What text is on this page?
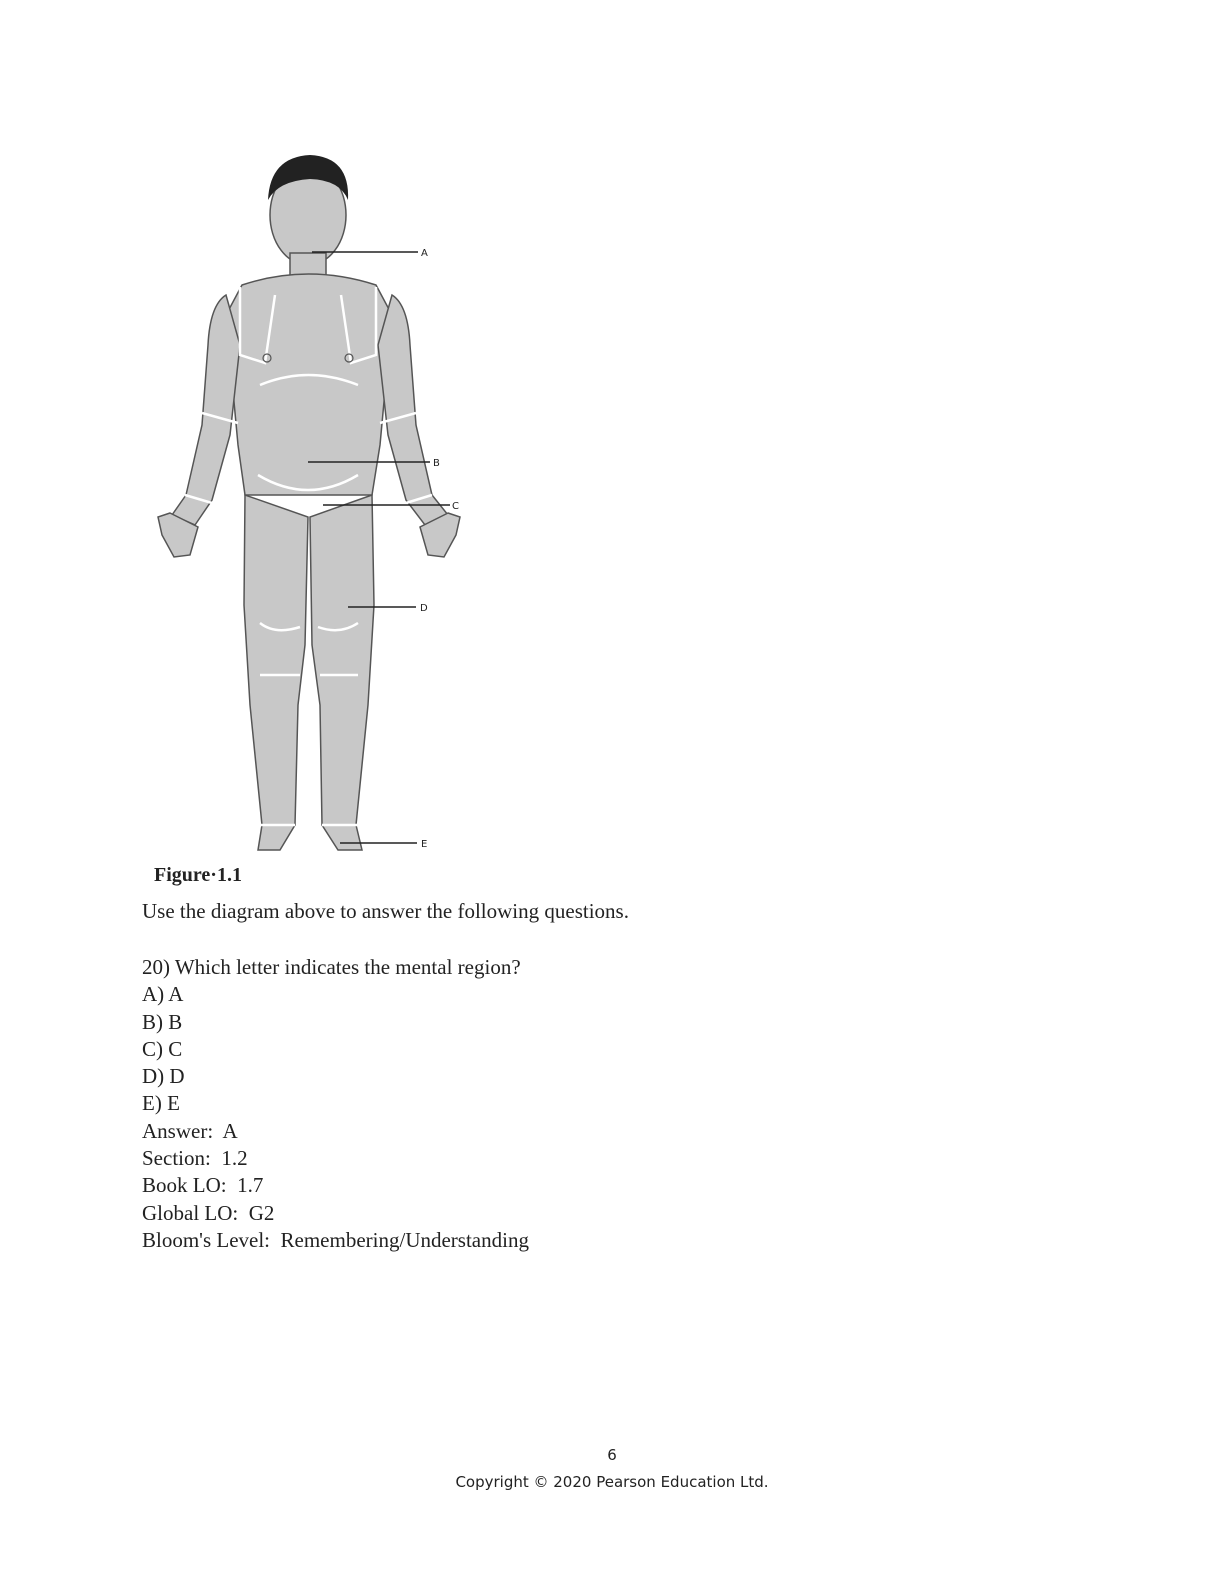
A
B
C
D
E

Figure·1.1

Use the diagram above to answer the following questions.

20) Which letter indicates the mental region?
A) A
B) B
C) C
D) D
E) E
Answer:  A
Section:  1.2
Book LO:  1.7
Global LO:  G2
Bloom's Level:  Remembering/Understanding
6
Copyright © 2020 Pearson Education Ltd.
